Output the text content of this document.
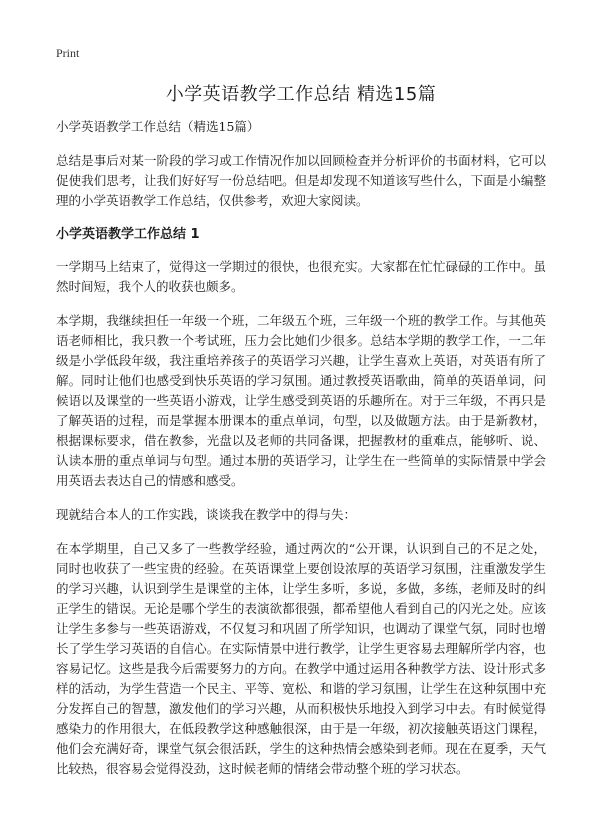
Print
小学英语教学工作总结 精选15篇

小学英语教学工作总结（精选15篇）

总结是事后对某一阶段的学习或工作情况作加以回顾检查并分析评价的书面材料，它可以促使我们思考，让我们好好写一份总结吧。但是却发现不知道该写些什么，下面是小编整理的小学英语教学工作总结，仅供参考，欢迎大家阅读。

小学英语教学工作总结 1

一学期马上结束了，觉得这一学期过的很快，也很充实。大家都在忙忙碌碌的工作中。虽然时间短，我个人的收获也颇多。

本学期，我继续担任一年级一个班，二年级五个班，三年级一个班的教学工作。与其他英语老师相比，我只教一个考试班，压力会比她们少很多。总结本学期的教学工作，一二年级是小学低段年级，我注重培养孩子的英语学习兴趣，让学生喜欢上英语，对英语有所了解。同时让他们也感受到快乐英语的学习氛围。通过教授英语歌曲，简单的英语单词，问候语以及课堂的一些英语小游戏，让学生感受到英语的乐趣所在。对于三年级，不再只是了解英语的过程，而是掌握本册课本的重点单词，句型，以及做题方法。由于是新教材，根据课标要求，借在教参，光盘以及老师的共同备课，把握教材的重难点，能够听、说、认读本册的重点单词与句型。通过本册的英语学习，让学生在一些简单的实际情景中学会用英语去表达自己的情感和感受。

现就结合本人的工作实践，谈谈我在教学中的得与失：

在本学期里，自己又多了一些教学经验，通过两次的“公开课，认识到自己的不足之处，同时也收获了一些宝贵的经验。在英语课堂上要创设浓厚的英语学习氛围，注重激发学生的学习兴趣，认识到学生是课堂的主体，让学生多听，多说，多做，多练，老师及时的纠正学生的错误。无论是哪个学生的表演欲都很强，都希望他人看到自己的闪光之处。应该让学生多参与一些英语游戏，不仅复习和巩固了所学知识，也调动了课堂气氛，同时也增长了学生学习英语的自信心。在实际情景中进行教学，让学生更容易去理解所学内容，也容易记忆。这些是我今后需要努力的方向。在教学中通过运用各种教学方法、设计形式多样的活动，为学生营造一个民主、平等、宽松、和谐的学习氛围，让学生在这种氛围中充分发挥自己的智慧，激发他们的学习兴趣，从而积极快乐地投入到学习中去。有时候觉得感染力的作用很大，在低段教学这种感触很深，由于是一年级，初次接触英语这门课程，他们会充满好奇，课堂气氛会很活跃，学生的这种热情会感染到老师。现在在夏季，天气比较热，很容易会觉得没劲，这时候老师的情绪会带动整个班的学习状态。
